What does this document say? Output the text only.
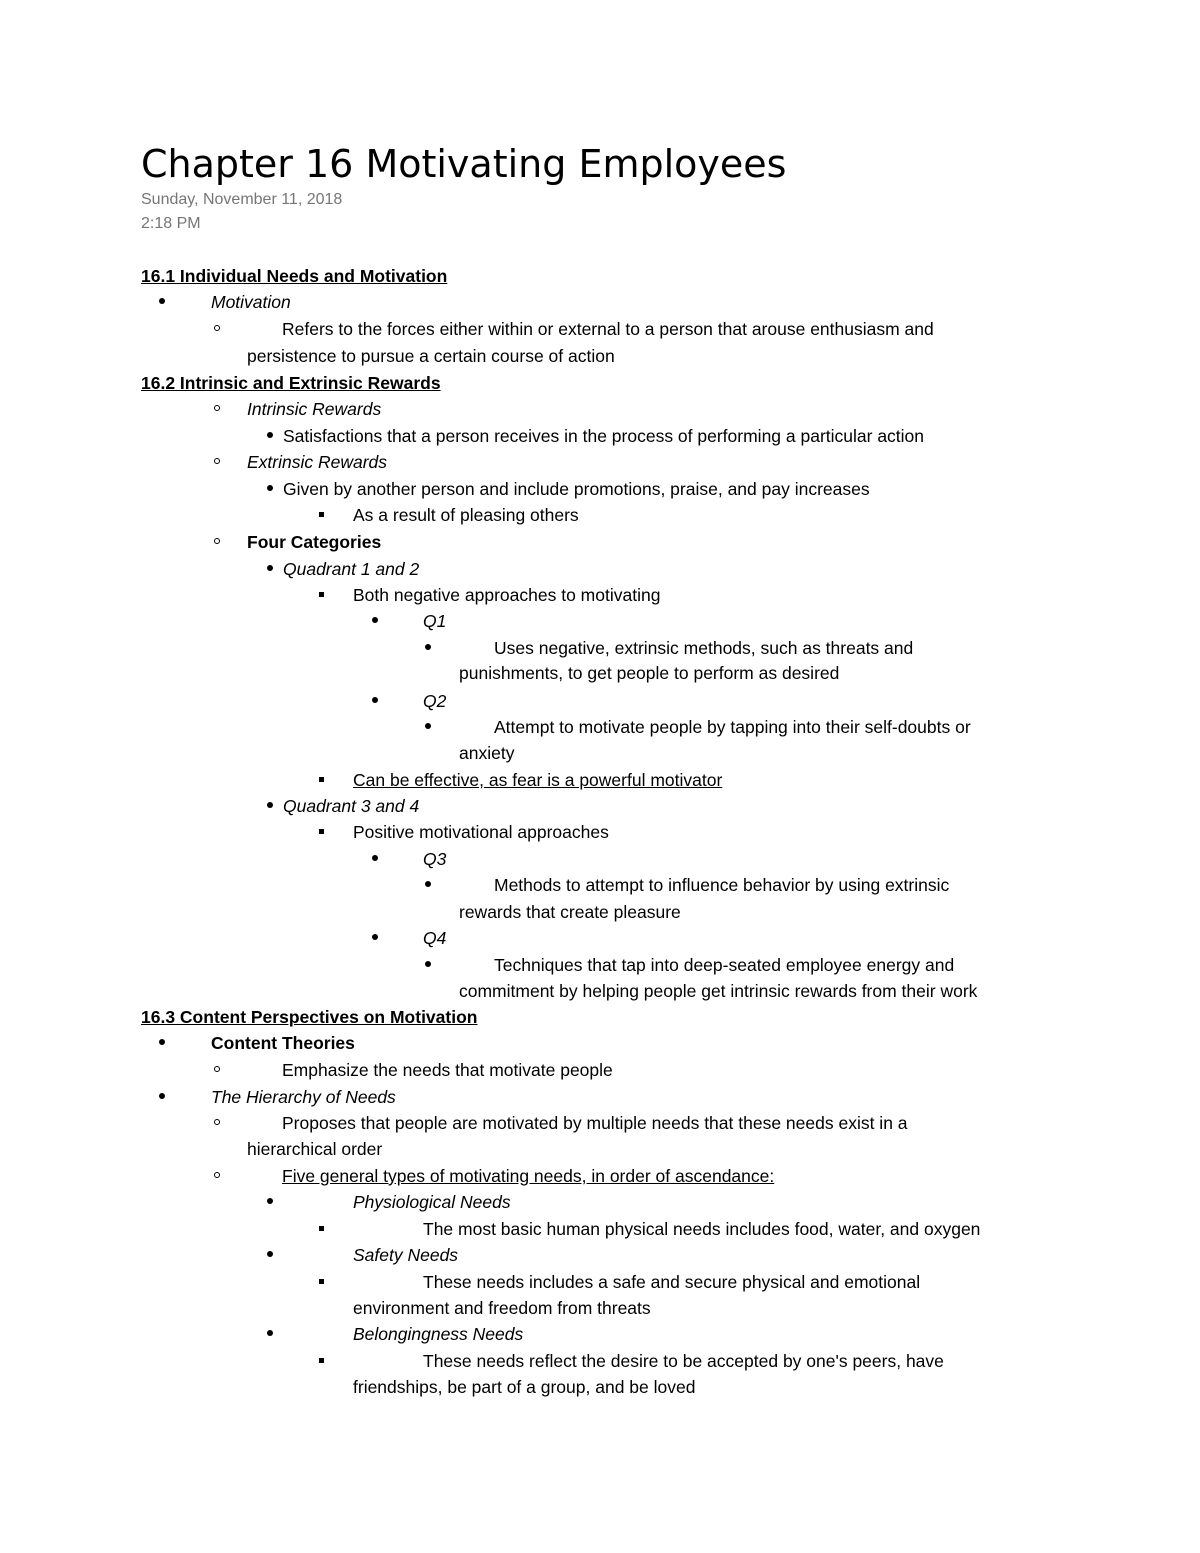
Chapter 16 Motivating Employees

Sunday, November 11, 2018

2:18 PM

16.1 Individual Needs and Motivation

Motivation

Refers to the forces either within or external to a person that arouse enthusiasm and

persistence to pursue a certain course of action

16.2 Intrinsic and Extrinsic Rewards

Intrinsic Rewards

Satisfactions that a person receives in the process of performing a particular action

Extrinsic Rewards

Given by another person and include promotions, praise, and pay increases

As a result of pleasing others

Four Categories

Quadrant 1 and 2

Both negative approaches to motivating

Q1

Uses negative, extrinsic methods, such as threats and

punishments, to get people to perform as desired

Q2

Attempt to motivate people by tapping into their self-doubts or

anxiety

Can be effective, as fear is a powerful motivator

Quadrant 3 and 4

Positive motivational approaches

Q3

Methods to attempt to influence behavior by using extrinsic

rewards that create pleasure

Q4

Techniques that tap into deep-seated employee energy and

commitment by helping people get intrinsic rewards from their work

16.3 Content Perspectives on Motivation

Content Theories

Emphasize the needs that motivate people

The Hierarchy of Needs

Proposes that people are motivated by multiple needs that these needs exist in a

hierarchical order

Five general types of motivating needs, in order of ascendance:

Physiological Needs

The most basic human physical needs includes food, water, and oxygen

Safety Needs

These needs includes a safe and secure physical and emotional

environment and freedom from threats

Belongingness Needs

These needs reflect the desire to be accepted by one's peers, have

friendships, be part of a group, and be loved
